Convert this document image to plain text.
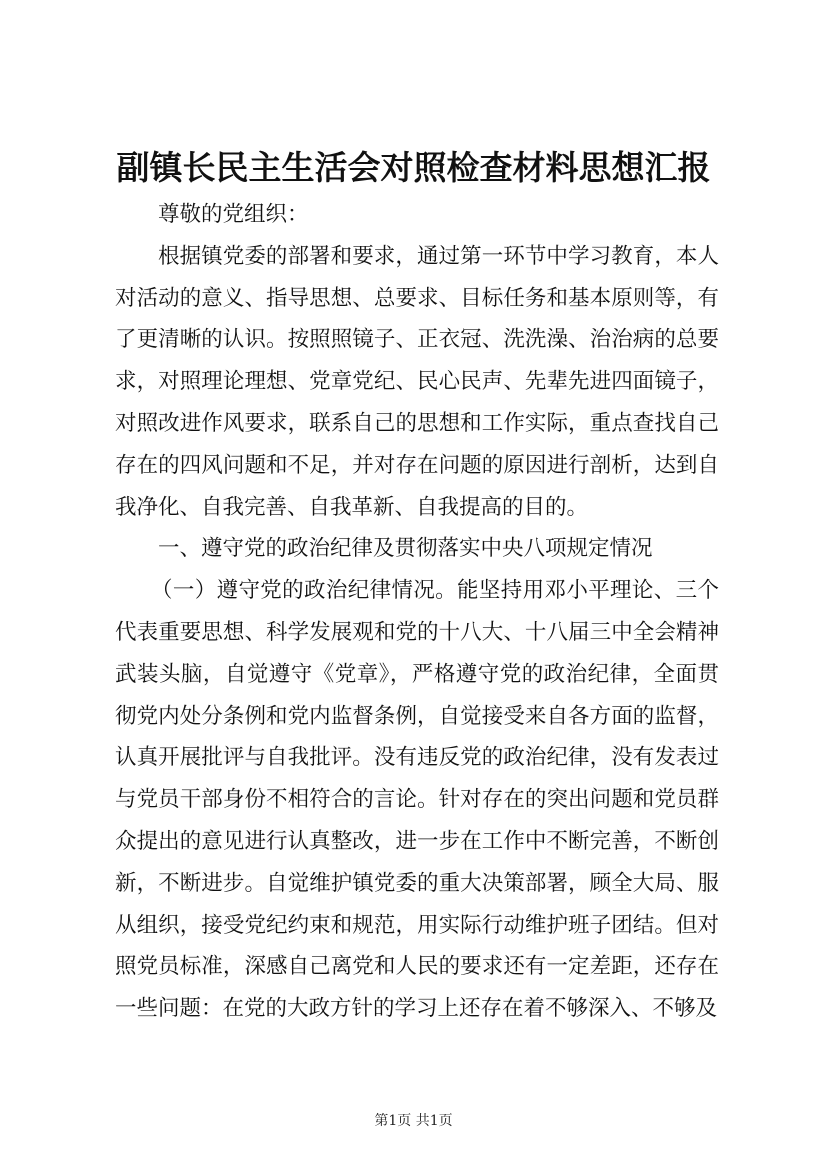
副镇长民主生活会对照检查材料思想汇报

尊敬的党组织：

根据镇党委的部署和要求，通过第一环节中学习教育，本人对活动的意义、指导思想、总要求、目标任务和基本原则等，有了更清晰的认识。按照照镜子、正衣冠、洗洗澡、治治病的总要求，对照理论理想、党章党纪、民心民声、先辈先进四面镜子，对照改进作风要求，联系自己的思想和工作实际，重点查找自己存在的四风问题和不足，并对存在问题的原因进行剖析，达到自我净化、自我完善、自我革新、自我提高的目的。

一、遵守党的政治纪律及贯彻落实中央八项规定情况

（一）遵守党的政治纪律情况。能坚持用邓小平理论、三个代表重要思想、科学发展观和党的十八大、十八届三中全会精神武装头脑，自觉遵守《党章》，严格遵守党的政治纪律，全面贯彻党内处分条例和党内监督条例，自觉接受来自各方面的监督，认真开展批评与自我批评。没有违反党的政治纪律，没有发表过与党员干部身份不相符合的言论。针对存在的突出问题和党员群众提出的意见进行认真整改，进一步在工作中不断完善，不断创新，不断进步。自觉维护镇党委的重大决策部署，顾全大局、服从组织，接受党纪约束和规范，用实际行动维护班子团结。但对照党员标准，深感自己离党和人民的要求还有一定差距，还存在一些问题：在党的大政方针的学习上还存在着不够深入、不够及

第1页 共1页
